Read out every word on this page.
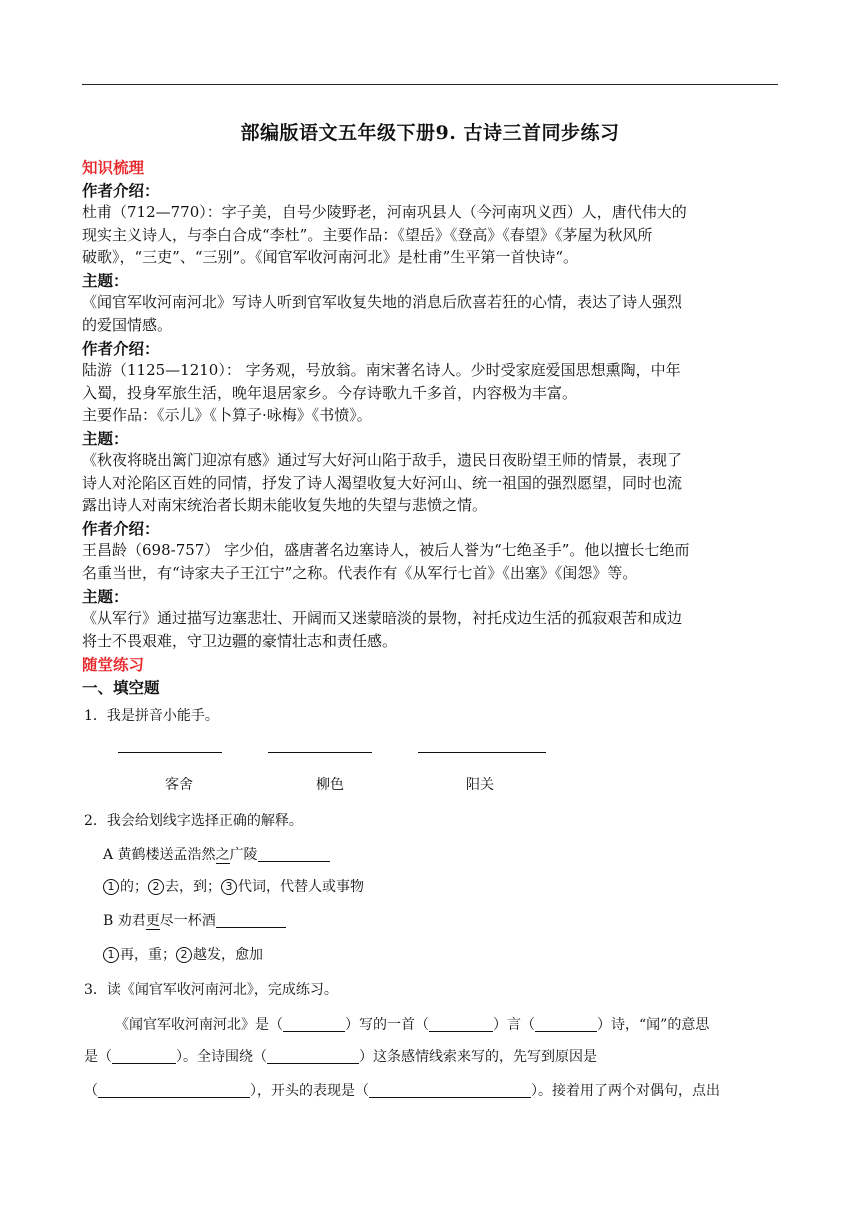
部编版语文五年级下册9. 古诗三首同步练习
知识梳理
作者介绍：
杜甫（712—770）：字子美，自号少陵野老，河南巩县人（今河南巩义西）人，唐代伟大的
现实主义诗人，与李白合成“李杜”。主要作品：《望岳》《登高》《春望》《茅屋为秋风所
破歌》，“三吏”、“三别”。《闻官军收河南河北》是杜甫”生平第一首快诗“。
主题：
《闻官军收河南河北》写诗人听到官军收复失地的消息后欣喜若狂的心情，表达了诗人强烈
的爱国情感。
作者介绍：
陆游（1125—1210）： 字务观，号放翁。南宋著名诗人。少时受家庭爱国思想熏陶，中年
入蜀，投身军旅生活，晚年退居家乡。今存诗歌九千多首，内容极为丰富。
主要作品：《示儿》《卜算子·咏梅》《书愤》。
主题：
《秋夜将晓出篱门迎凉有感》通过写大好河山陷于敌手，遗民日夜盼望王师的情景，表现了
诗人对沦陷区百姓的同情，抒发了诗人渴望收复大好河山、统一祖国的强烈愿望，同时也流
露出诗人对南宋统治者长期未能收复失地的失望与悲愤之情。
作者介绍：
王昌龄（698-757） 字少伯，盛唐著名边塞诗人，被后人誉为“七绝圣手”。他以擅长七绝而
名重当世，有“诗家夫子王江宁”之称。代表作有《从军行七首》《出塞》《闺怨》等。
主题：
《从军行》通过描写边塞悲壮、开阔而又迷蒙暗淡的景物，衬托戍边生活的孤寂艰苦和成边
将士不畏艰难，守卫边疆的豪情壮志和责任感。
随堂练习
一、填空题
1．我是拼音小能手。
客舍	柳色	阳关
2．我会给划线字选择正确的解释。
A 黄鹤楼送孟浩然之广陵
1 的； 2 去，到； 3 代词，代替人或事物
B 劝君更尽一杯酒
1 再，重； 2 越发，愈加
3．读《闻官军收河南河北》，完成练习。
《闻官军收河南河北》是（	）写的一首（	）言（	）诗，“闻”的意思
是（	）。全诗围绕（	）这条感情线索来写的，先写到原因是
（	），开头的表现是（	）。接着用了两个对偶句，点出
